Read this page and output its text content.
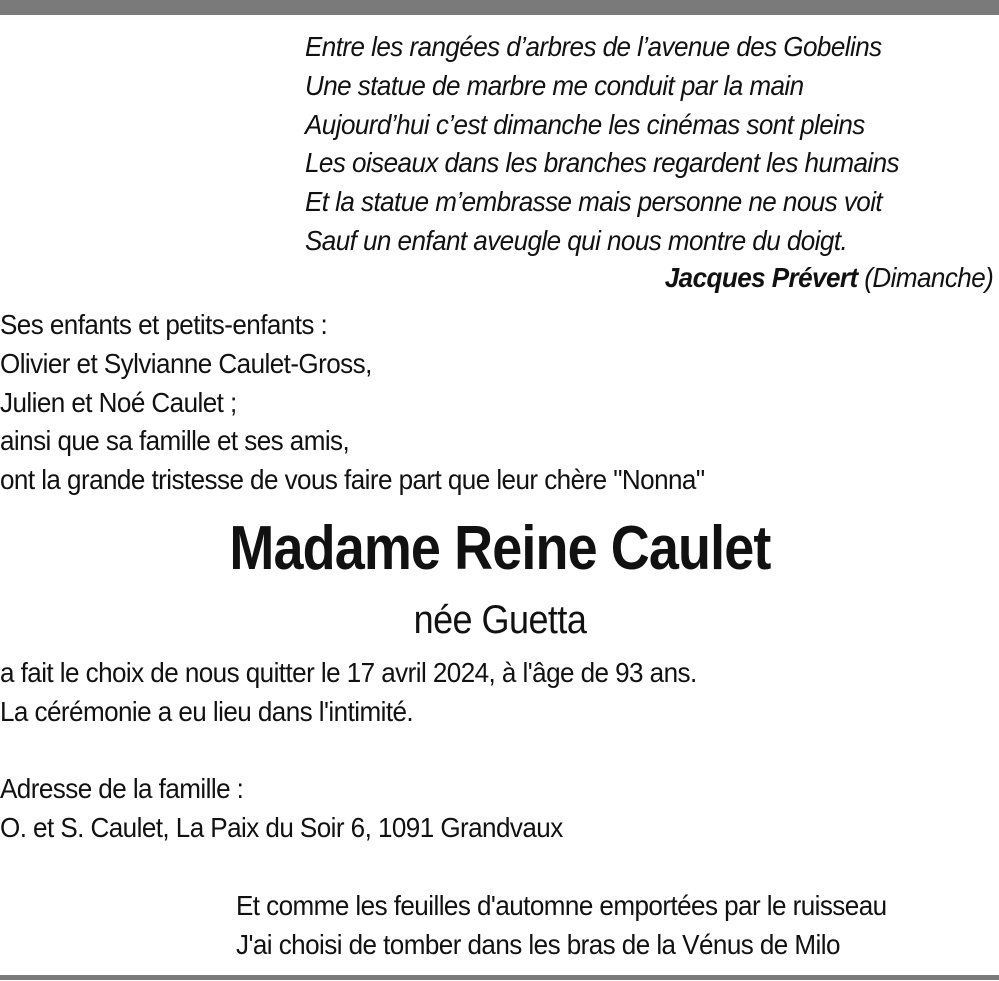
Entre les rangées d’arbres de l’avenue des Gobelins
Une statue de marbre me conduit par la main
Aujourd’hui c’est dimanche les cinémas sont pleins
Les oiseaux dans les branches regardent les humains
Et la statue m’embrasse mais personne ne nous voit
Sauf un enfant aveugle qui nous montre du doigt.
Jacques Prévert (Dimanche)
Ses enfants et petits-enfants :
Olivier et Sylvianne Caulet-Gross,
Julien et Noé Caulet ;
ainsi que sa famille et ses amis,
ont la grande tristesse de vous faire part que leur chère "Nonna"
Madame Reine Caulet
née Guetta
a fait le choix de nous quitter le 17 avril 2024, à l'âge de 93 ans.
La cérémonie a eu lieu dans l'intimité.
Adresse de la famille :
O. et S. Caulet, La Paix du Soir 6, 1091 Grandvaux
Et comme les feuilles d'automne emportées par le ruisseau
J'ai choisi de tomber dans les bras de la Vénus de Milo
